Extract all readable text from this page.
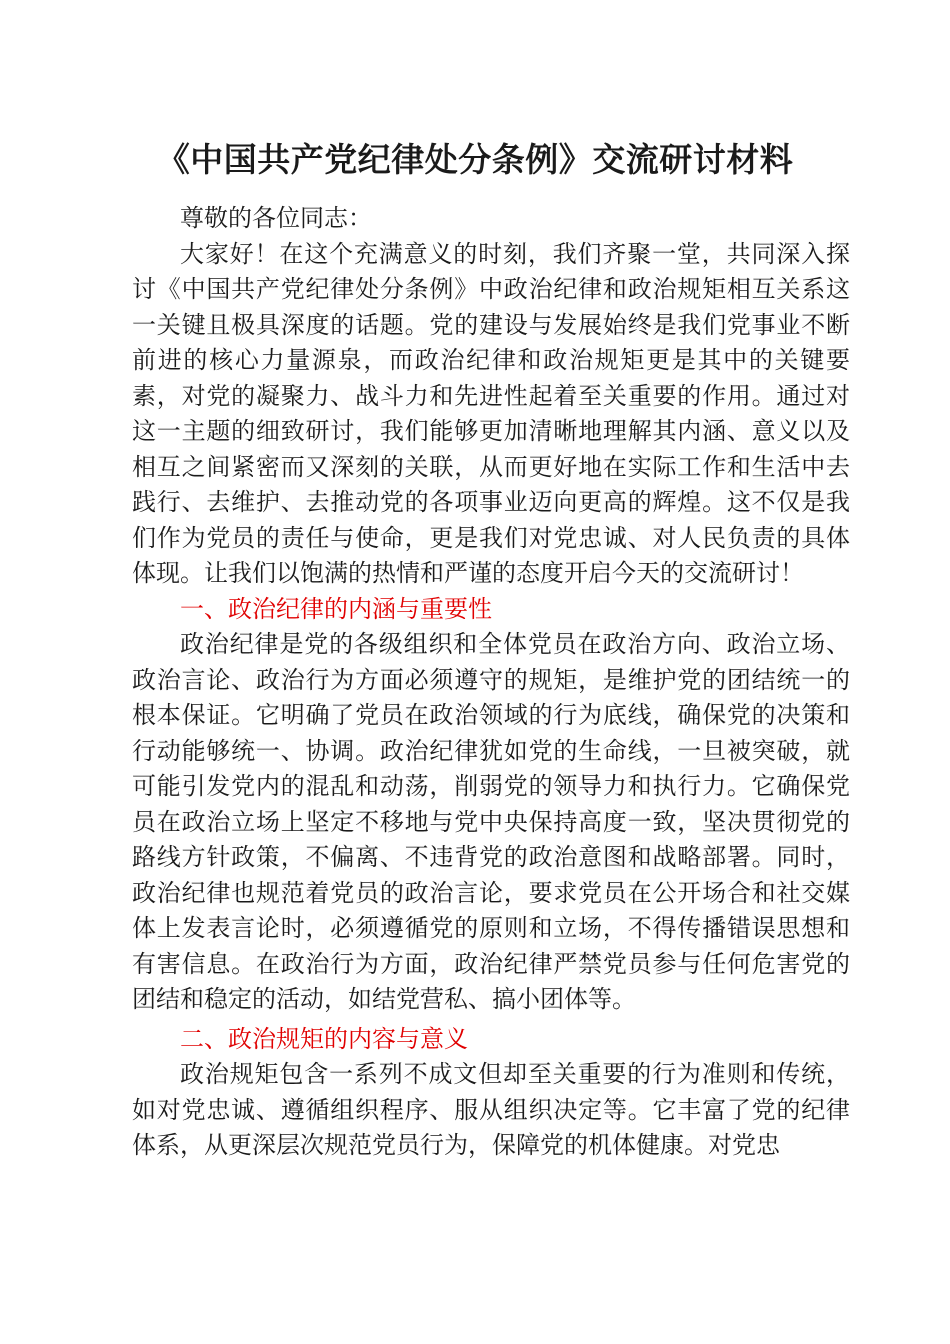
《中国共产党纪律处分条例》交流研讨材料

尊敬的各位同志：

大家好！在这个充满意义的时刻，我们齐聚一堂，共同深入探讨《中国共产党纪律处分条例》中政治纪律和政治规矩相互关系这一关键且极具深度的话题。党的建设与发展始终是我们党事业不断前进的核心力量源泉，而政治纪律和政治规矩更是其中的关键要素，对党的凝聚力、战斗力和先进性起着至关重要的作用。通过对这一主题的细致研讨，我们能够更加清晰地理解其内涵、意义以及相互之间紧密而又深刻的关联，从而更好地在实际工作和生活中去践行、去维护、去推动党的各项事业迈向更高的辉煌。这不仅是我们作为党员的责任与使命，更是我们对党忠诚、对人民负责的具体体现。让我们以饱满的热情和严谨的态度开启今天的交流研讨！

一、政治纪律的内涵与重要性

政治纪律是党的各级组织和全体党员在政治方向、政治立场、政治言论、政治行为方面必须遵守的规矩，是维护党的团结统一的根本保证。它明确了党员在政治领域的行为底线，确保党的决策和行动能够统一、协调。政治纪律犹如党的生命线，一旦被突破，就可能引发党内的混乱和动荡，削弱党的领导力和执行力。它确保党员在政治立场上坚定不移地与党中央保持高度一致，坚决贯彻党的路线方针政策，不偏离、不违背党的政治意图和战略部署。同时，政治纪律也规范着党员的政治言论，要求党员在公开场合和社交媒体上发表言论时，必须遵循党的原则和立场，不得传播错误思想和有害信息。在政治行为方面，政治纪律严禁党员参与任何危害党的团结和稳定的活动，如结党营私、搞小团体等。

二、政治规矩的内容与意义

政治规矩包含一系列不成文但却至关重要的行为准则和传统，如对党忠诚、遵循组织程序、服从组织决定等。它丰富了党的纪律体系，从更深层次规范党员行为，保障党的机体健康。对党忠
